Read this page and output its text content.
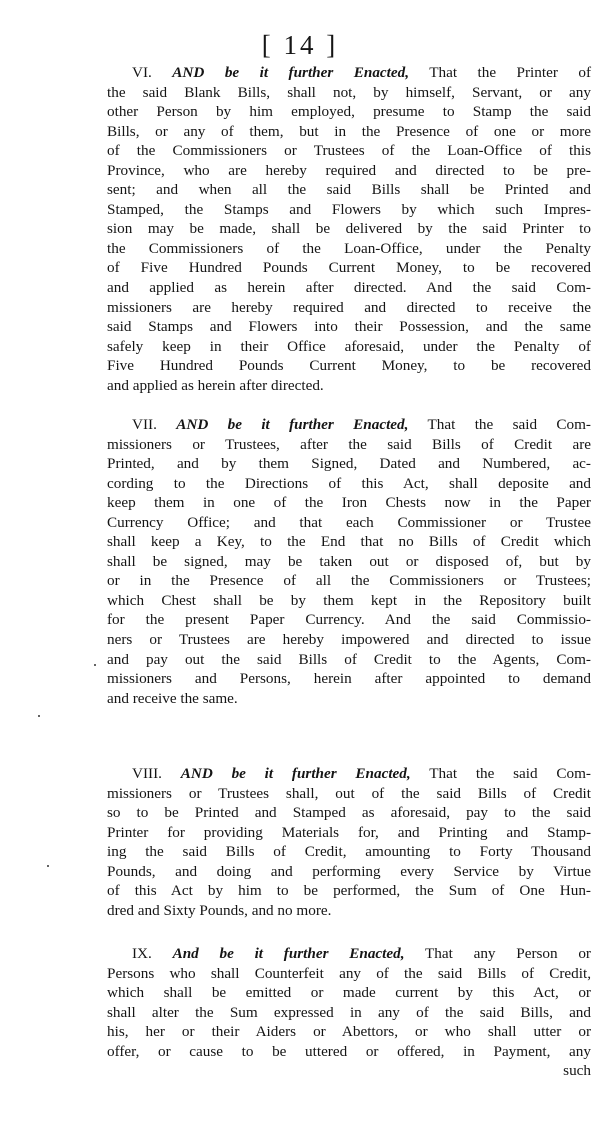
[ 14 ]
VI. AND be it further Enacted, That the Printer of
the said Blank Bills, shall not, by himself, Servant, or any
other Person by him employed, presume to Stamp the said
Bills, or any of them, but in the Presence of one or more
of the Commissioners or Trustees of the Loan-Office of this
Province, who are hereby required and directed to be pre-
sent; and when all the said Bills shall be Printed and
Stamped, the Stamps and Flowers by which such Impres-
sion may be made, shall be delivered by the said Printer to
the Commissioners of the Loan-Office, under the Penalty
of Five Hundred Pounds Current Money, to be recovered
and applied as herein after directed. And the said Com-
missioners are hereby required and directed to receive the
said Stamps and Flowers into their Possession, and the same
safely keep in their Office aforesaid, under the Penalty of
Five Hundred Pounds Current Money, to be recovered
and applied as herein after directed.
VII. AND be it further Enacted, That the said Com-
missioners or Trustees, after the said Bills of Credit are
Printed, and by them Signed, Dated and Numbered, ac-
cording to the Directions of this Act, shall deposite and
keep them in one of the Iron Chests now in the Paper
Currency Office; and that each Commissioner or Trustee
shall keep a Key, to the End that no Bills of Credit which
shall be signed, may be taken out or disposed of, but by
or in the Presence of all the Commissioners or Trustees;
which Chest shall be by them kept in the Repository built
for the present Paper Currency. And the said Commissio-
ners or Trustees are hereby impowered and directed to issue
and pay out the said Bills of Credit to the Agents, Com-
missioners and Persons, herein after appointed to demand
and receive the same.
VIII. AND be it further Enacted, That the said Com-
missioners or Trustees shall, out of the said Bills of Credit
so to be Printed and Stamped as aforesaid, pay to the said
Printer for providing Materials for, and Printing and Stamp-
ing the said Bills of Credit, amounting to Forty Thousand
Pounds, and doing and performing every Service by Virtue
of this Act by him to be performed, the Sum of One Hun-
dred and Sixty Pounds, and no more.
IX. And be it further Enacted, That any Person or
Persons who shall Counterfeit any of the said Bills of Credit,
which shall be emitted or made current by this Act, or
shall alter the Sum expressed in any of the said Bills, and
his, her or their Aiders or Abettors, or who shall utter or
offer, or cause to be uttered or offered, in Payment, any
such
